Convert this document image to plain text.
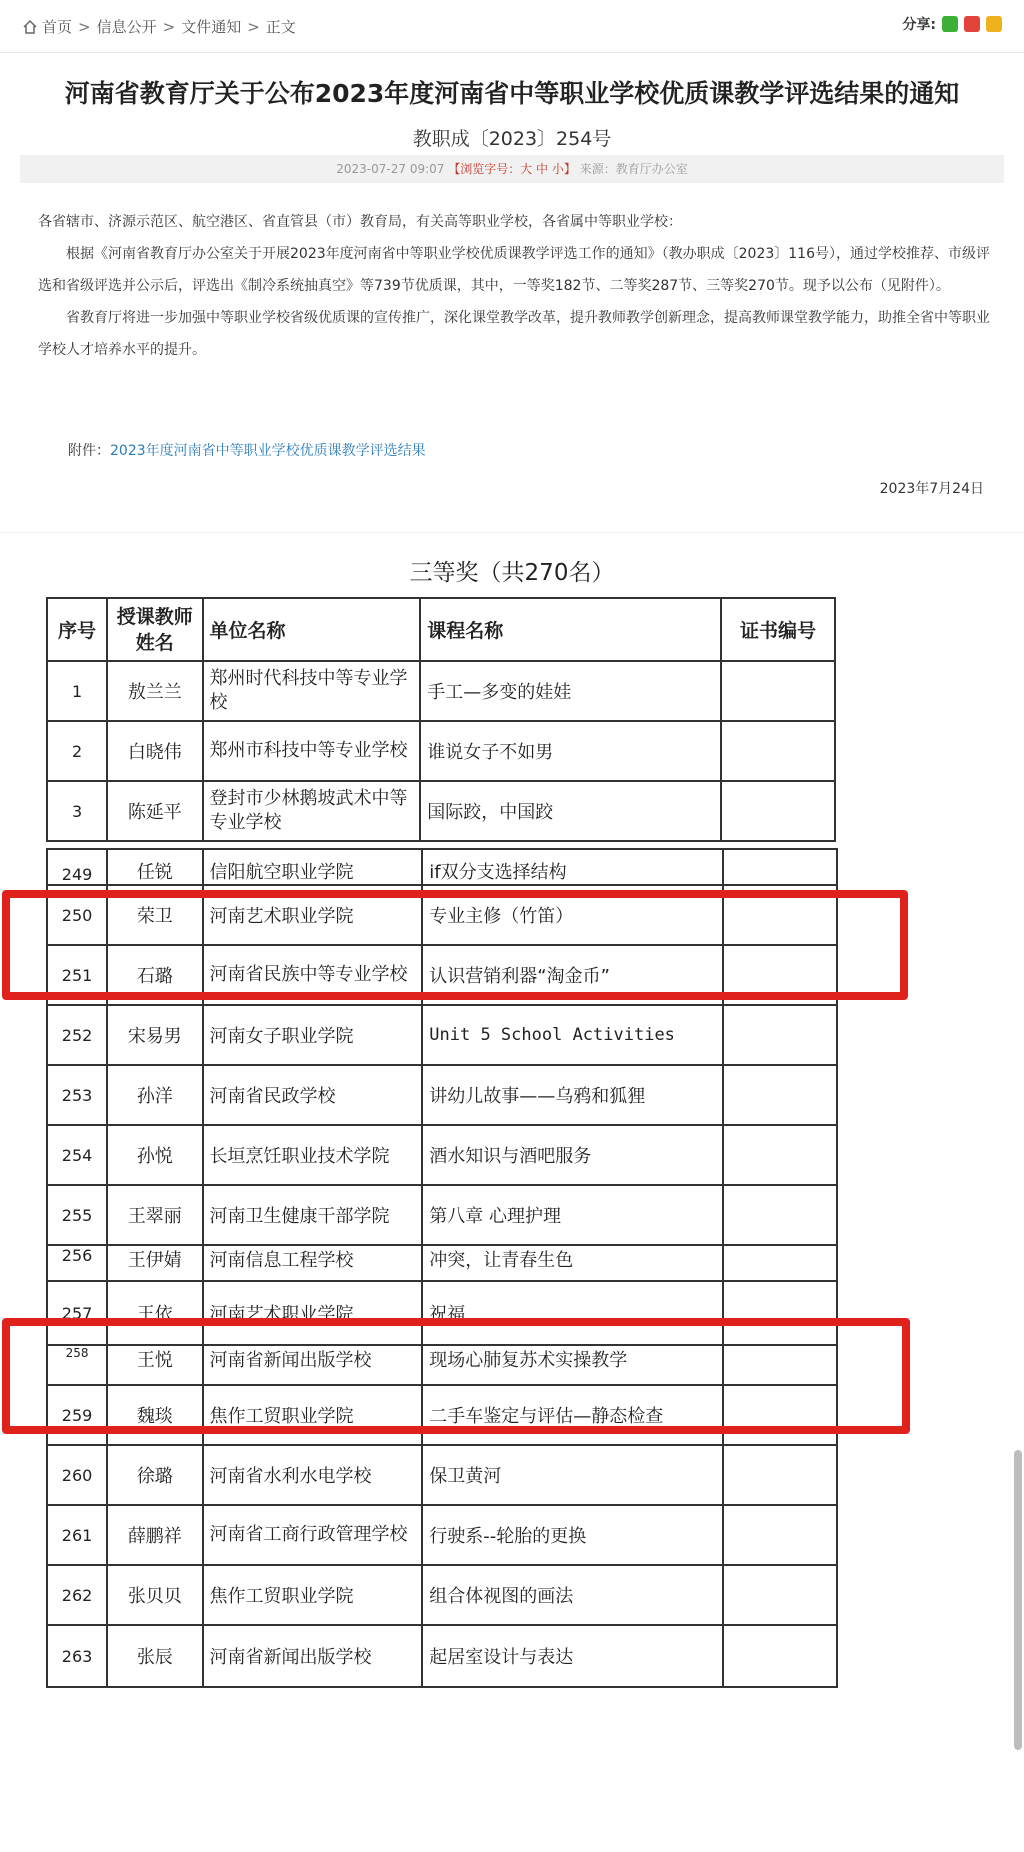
首页 > 信息公开 > 文件通知 > 正文	分享:
河南省教育厅关于公布2023年度河南省中等职业学校优质课教学评选结果的通知
教职成〔2023〕254号
2023-07-27 09:07 【浏览字号：大 中 小】 来源：教育厅办公室

各省辖市、济源示范区、航空港区、省直管县（市）教育局，有关高等职业学校，各省属中等职业学校：

根据《河南省教育厅办公室关于开展2023年度河南省中等职业学校优质课教学评选工作的通知》（教办职成〔2023〕116号），通过学校推荐、市级评选和省级评选并公示后，评选出《制冷系统抽真空》等739节优质课，其中，一等奖182节、二等奖287节、三等奖270节。现予以公布（见附件）。

省教育厅将进一步加强中等职业学校省级优质课的宣传推广，深化课堂教学改革，提升教师教学创新理念，提高教师课堂教学能力，助推全省中等职业学校人才培养水平的提升。

附件：2023年度河南省中等职业学校优质课教学评选结果
2023年7月24日
三等奖（共270名）
序号	授课教师姓名	单位名称	课程名称	证书编号
1	敖兰兰	郑州时代科技中等专业学校	手工—多变的娃娃	
2	白晓伟	郑州市科技中等专业学校	谁说女子不如男	
3	陈延平	登封市少林鹅坡武术中等专业学校	国际跤，中国跤	
249	任锐	信阳航空职业学院	if双分支选择结构	
250	荣卫	河南艺术职业学院	专业主修（竹笛）	
251	石璐	河南省民族中等专业学校	认识营销利器“淘金币”	
252	宋易男	河南女子职业学院	Unit 5 School Activities	
253	孙洋	河南省民政学校	讲幼儿故事——乌鸦和狐狸	
254	孙悦	长垣烹饪职业技术学院	酒水知识与酒吧服务	
255	王翠丽	河南卫生健康干部学院	第八章 心理护理	
256	王伊婧	河南信息工程学校	冲突，让青春生色	
257	王依	河南艺术职业学院	祝福	
258	王悦	河南省新闻出版学校	现场心肺复苏术实操教学	
259	魏琰	焦作工贸职业学院	二手车鉴定与评估—静态检查	
260	徐璐	河南省水利水电学校	保卫黄河	
261	薛鹏祥	河南省工商行政管理学校	行驶系--轮胎的更换	
262	张贝贝	焦作工贸职业学院	组合体视图的画法	
263	张辰	河南省新闻出版学校	起居室设计与表达	
